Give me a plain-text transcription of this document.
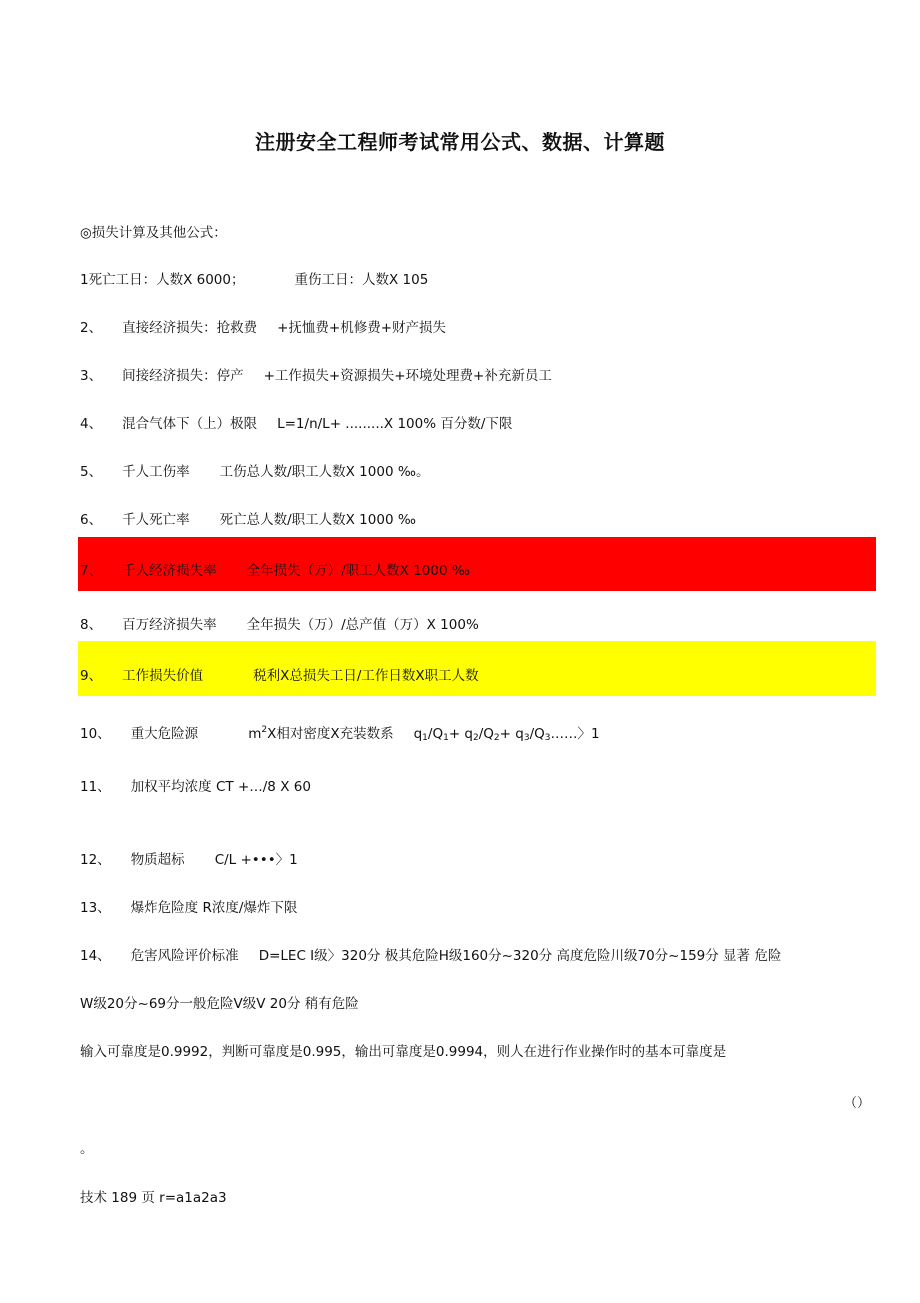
注册安全工程师考试常用公式、数据、计算题
◎损失计算及其他公式：
1死亡工日：人数X 6000；	重伤工日：人数X 105
2、 直接经济损失：抢救费 +抚恤费+机修费+财产损失
3、 间接经济损失：停产 +工作损失+资源损失+环境处理费+补充新员工
4、 混合气体下（上）极限 L=1/n/L+ .........X 100% 百分数/下限
5、 千人工伤率 工伤总人数/职工人数X 1000 ‰。
6、 千人死亡率 死亡总人数/职工人数X 1000 ‰
7、 千人经济损失率 全年损失（万）/职工人数X 1000 ‰
8、 百万经济损失率 全年损失（万）/总产值（万）X 100%
9、 工作损失价值	税利X总损失工日/工作日数X职工人数
10、 重大危险源	$m^2X$相对密度X充装数系 $q_1/Q_1+ q_2/Q_2+$ $q_3/Q_3\dots\dots$〉1
11、 加权平均浓度 CT +…/8 X 60
12、 物质超标 C/L +•••〉1
13、 爆炸危险度 R浓度/爆炸下限
14、 危害风险评价标准 D=LEC I级〉320分 极其危险H级160分~320分 高度危险川级70分~159分 显著 危险
W级20分~69分一般危险V级V 20分 稍有危险
输入可靠度是0.9992，判断可靠度是0.995，输出可靠度是0.9994，则人在进行作业操作时的基本可靠度是
（）
。
技术 189 页 r=a1a2a3
